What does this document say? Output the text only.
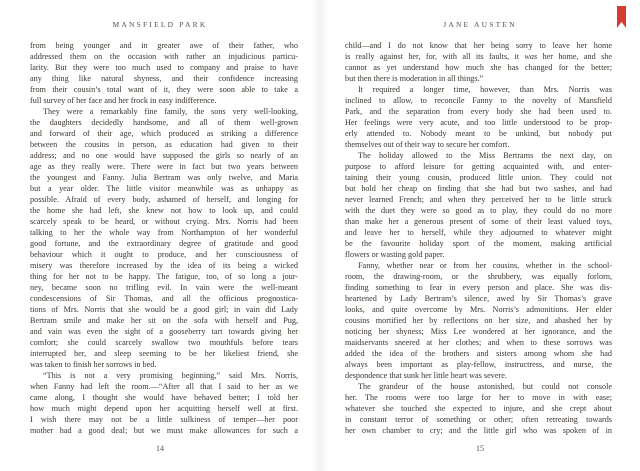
MANSFIELD PARK
from being younger and in greater awe of their father, who
addressed them on the occasion with rather an injudicious particu-
larity. But they were too much used to company and praise to have
any thing like natural shyness, and their confidence increasing
from their cousin’s total want of it, they were soon able to take a
full survey of her face and her frock in easy indifference.
They were a remarkably fine family, the sons very well-looking,
the daughters decidedly handsome, and all of them well-grown
and forward of their age, which produced as striking a difference
between the cousins in person, as education had given to their
address; and no one would have supposed the girls so nearly of an
age as they really were. There were in fact but two years between
the youngest and Fanny. Julia Bertram was only twelve, and Maria
but a year older. The little visitor meanwhile was as unhappy as
possible. Afraid of every body, ashamed of herself, and longing for
the home she had left, she knew not how to look up, and could
scarcely speak to be heard, or without crying. Mrs. Norris had been
talking to her the whole way from Northampton of her wonderful
good fortune, and the extraordinary degree of gratitude and good
behaviour which it ought to produce, and her consciousness of
misery was therefore increased by the idea of its being a wicked
thing for her not to be happy. The fatigue, too, of so long a jour-
ney, became soon no trifling evil. In vain were the well-meant
condescensions of Sir Thomas, and all the officious prognostica-
tions of Mrs. Norris that she would be a good girl; in vain did Lady
Bertram smile and make her sit on the sofa with herself and Pug,
and vain was even the sight of a gooseberry tart towards giving her
comfort; she could scarcely swallow two mouthfuls before tears
interrupted her, and sleep seeming to be her likeliest friend, she
was taken to finish her sorrows in bed.
“This is not a very promising beginning,” said Mrs. Norris,
when Fanny had left the room.—“After all that I said to her as we
came along, I thought she would have behaved better; I told her
how much might depend upon her acquitting herself well at first.
I wish there may not be a little sulkiness of temper—her poor
mother had a good deal; but we must make allowances for such a
14
JANE AUSTEN
child—and I do not know that her being sorry to leave her home
is really against her, for, with all its faults, it was her home, and she
cannot as yet understand how much she has changed for the better;
but then there is moderation in all things.”
It required a longer time, however, than Mrs. Norris was
inclined to allow, to reconcile Fanny to the novelty of Mansfield
Park, and the separation from every body she had been used to.
Her feelings were very acute, and too little understood to be prop-
erly attended to. Nobody meant to be unkind, but nobody put
themselves out of their way to secure her comfort.
The holiday allowed to the Miss Bertrams the next day, on
purpose to afford leisure for getting acquainted with, and enter-
taining their young cousin, produced little union. They could not
but hold her cheap on finding that she had but two sashes, and had
never learned French; and when they perceived her to be little struck
with the duet they were so good as to play, they could do no more
than make her a generous present of some of their least valued toys,
and leave her to herself, while they adjourned to whatever might
be the favourite holiday sport of the moment, making artificial
flowers or wasting gold paper.
Fanny, whether near or from her cousins, whether in the school-
room, the drawing-room, or the shrubbery, was equally forlorn,
finding something to fear in every person and place. She was dis-
heartened by Lady Bertram’s silence, awed by Sir Thomas’s grave
looks, and quite overcome by Mrs. Norris’s admonitions. Her elder
cousins mortified her by reflections on her size, and abashed her by
noticing her shyness; Miss Lee wondered at her ignorance, and the
maidservants sneered at her clothes; and when to these sorrows was
added the idea of the brothers and sisters among whom she had
always been important as play-fellow, instructress, and nurse, the
despondence that sunk her little heart was severe.
The grandeur of the house astonished, but could not console
her. The rooms were too large for her to move in with ease;
whatever she touched she expected to injure, and she crept about
in constant terror of something or other; often retreating towards
her own chamber to cry; and the little girl who was spoken of in
15
